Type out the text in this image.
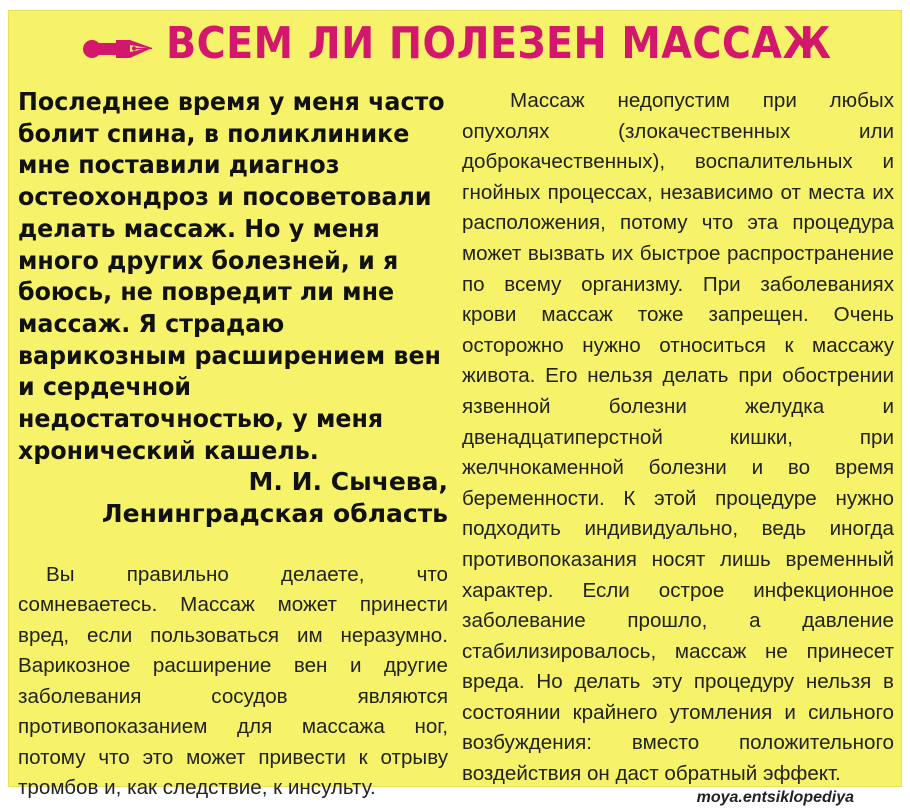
ВСЕМ ЛИ ПОЛЕЗЕН МАССАЖ
Последнее время у меня часто болит спина, в поликлинике мне поставили диагноз остеохондроз и посоветовали делать массаж. Но у меня много других болезней, и я боюсь, не повредит ли мне массаж. Я страдаю варикозным расширением вен и сердечной недостаточностью, у меня хронический кашель.
М. И. Сычева,
Ленинградская область
Вы правильно делаете, что сомневаетесь. Массаж может принести вред, если пользоваться им неразумно. Варикозное расширение вен и другие заболевания сосудов являются противопоказанием для массажа ног, потому что это может привести к отрыву тромбов и, как следствие, к инсульту.
Массаж недопустим при любых опухолях (злокачественных или доброкачественных), воспалительных и гнойных процессах, независимо от места их расположения, потому что эта процедура может вызвать их быстрое распространение по всему организму. При заболеваниях крови массаж тоже запрещен. Очень осторожно нужно относиться к массажу живота. Его нельзя делать при обострении язвенной болезни желудка и двенадцатиперстной кишки, при желчнокаменной болезни и во время беременности. К этой процедуре нужно подходить индивидуально, ведь иногда противопоказания носят лишь временный характер. Если острое инфекционное заболевание прошло, а давление стабилизировалось, массаж не принесет вреда. Но делать эту процедуру нельзя в состоянии крайнего утомления и сильного возбуждения: вместо положительного воздействия он даст обратный эффект.
moya.entsiklopediya
